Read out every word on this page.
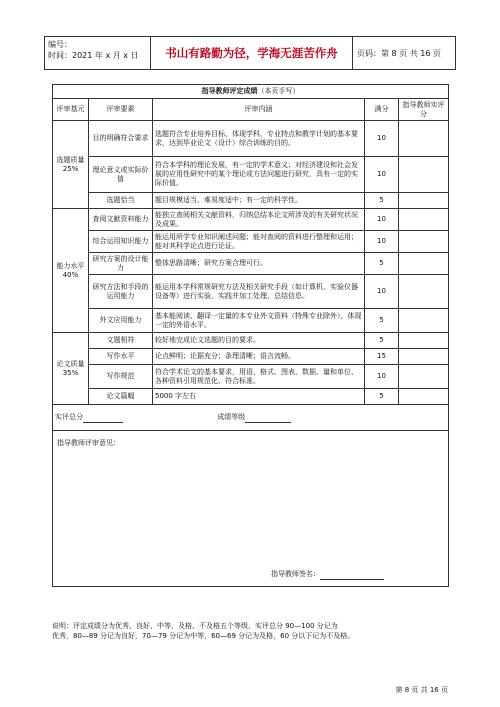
编号：
时间：2021 年 x 月 x 日	书山有路勤为径，学海无涯苦作舟	页码：第 8 页 共 16 页
指导教师评定成绩（本页手写）				
评审基元	评审要素	评审内涵	满分	指导教师实评分

选题质量
25%	目的明确符合要求	选题符合专业培养目标，体现学科、专业特点和教学计划的基本要求，达到毕业论文（设计）综合训练的目的。	10	
	理论意义或实际价值	符合本学科的理论发展，有一定的学术意义；对经济建设和社会发展的应用性研究中的某个理论或方法问题进行研究，具有一定的实际价值。	10	
	选题恰当	题目规模适当，难易度适中；有一定的科学性。	5	

能力水平
40%	查阅文献资料能力	能独立查阅相关文献资料，归纳总结本论文所涉及的有关研究状况及成果。	10	
	综合运用知识能力	能运用所学专业知识阐述问题；能对查阅的资料进行整理和运用；能对其科学论点进行论证。	10	
	研究方案的设计能力	整体思路清晰；研究方案合理可行。	5	
	研究方法和手段的运用能力	能运用本学科常规研究方法及相关研究手段（如计算机、实验仪器设备等）进行实验、实践并加工处理、总结信息。	10	
	外文应用能力	基本能阅读、翻译一定量的本专业外文资料（特殊专业除外），体现一定的外语水平。	5	

论文质量
35%	文题相符	较好地完成论文选题的目的要求。	5	
	写作水平	论点鲜明；论据充分；条理清晰；语言流畅。	15	
	写作规范	符合学术论文的基本要求，用语、格式、图表、数据、量和单位、各种资料引用规范化、符合标准。	10	
	论文篇幅	5000 字左右	5	
实评总分 成绩等级				

指导教师评审意见：
指导教师签名：				
说明：评定成绩分为优秀、良好、中等、及格、不及格五个等级，实评总分 90—100 分记为
优秀，80—89 分记为良好，70—79 分记为中等，60—69 分记为及格，60 分以下记为不及格。
第 8 页 共 16 页
